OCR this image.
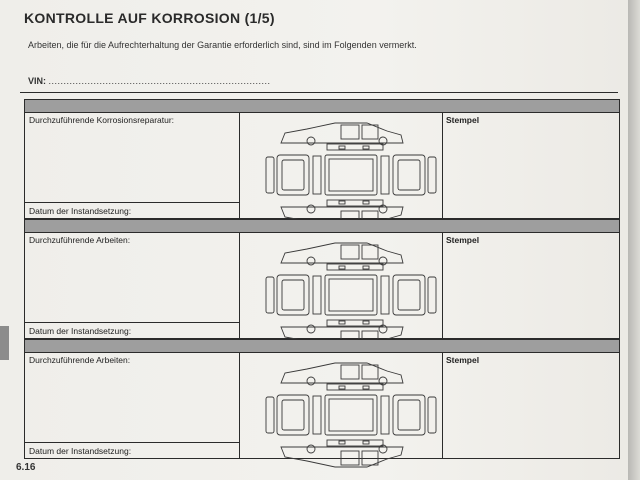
KONTROLLE AUF KORROSION (1/5)
Arbeiten, die für die Aufrechterhaltung der Garantie erforderlich sind, sind im Folgenden vermerkt.
VIN: ..........................................................................
Durchzuführende Korrosionsreparatur:
Datum der Instandsetzung:
Stempel
Durchzuführende Arbeiten:
Datum der Instandsetzung:
Stempel
Durchzuführende Arbeiten:
Datum der Instandsetzung:
Stempel
6.16
